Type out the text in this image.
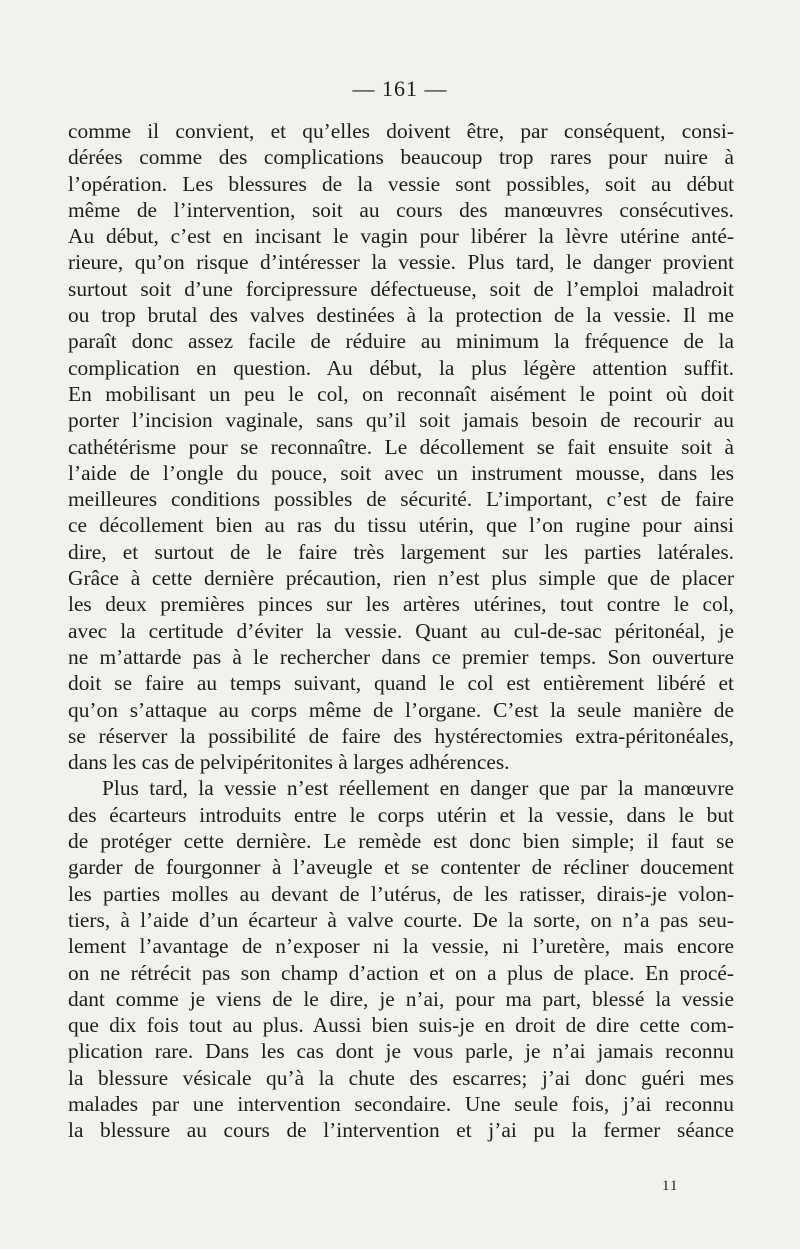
— 161 —
comme il convient, et qu’elles doivent être, par conséquent, consi-
dérées comme des complications beaucoup trop rares pour nuire à
l’opération. Les blessures de la vessie sont possibles, soit au début
même de l’intervention, soit au cours des manœuvres consécutives.
Au début, c’est en incisant le vagin pour libérer la lèvre utérine anté-
rieure, qu’on risque d’intéresser la vessie. Plus tard, le danger provient
surtout soit d’une forcipressure défectueuse, soit de l’emploi maladroit
ou trop brutal des valves destinées à la protection de la vessie. Il me
paraît donc assez facile de réduire au minimum la fréquence de la
complication en question. Au début, la plus légère attention suffit.
En mobilisant un peu le col, on reconnaît aisément le point où doit
porter l’incision vaginale, sans qu’il soit jamais besoin de recourir au
cathétérisme pour se reconnaître. Le décollement se fait ensuite soit à
l’aide de l’ongle du pouce, soit avec un instrument mousse, dans les
meilleures conditions possibles de sécurité. L’important, c’est de faire
ce décollement bien au ras du tissu utérin, que l’on rugine pour ainsi
dire, et surtout de le faire très largement sur les parties latérales.
Grâce à cette dernière précaution, rien n’est plus simple que de placer
les deux premières pinces sur les artères utérines, tout contre le col,
avec la certitude d’éviter la vessie. Quant au cul-de-sac péritonéal, je
ne m’attarde pas à le rechercher dans ce premier temps. Son ouverture
doit se faire au temps suivant, quand le col est entièrement libéré et
qu’on s’attaque au corps même de l’organe. C’est la seule manière de
se réserver la possibilité de faire des hystérectomies extra-péritonéales,
dans les cas de pelvipéritonites à larges adhérences.
Plus tard, la vessie n’est réellement en danger que par la manœuvre
des écarteurs introduits entre le corps utérin et la vessie, dans le but
de protéger cette dernière. Le remède est donc bien simple; il faut se
garder de fourgonner à l’aveugle et se contenter de récliner doucement
les parties molles au devant de l’utérus, de les ratisser, dirais-je volon-
tiers, à l’aide d’un écarteur à valve courte. De la sorte, on n’a pas seu-
lement l’avantage de n’exposer ni la vessie, ni l’uretère, mais encore
on ne rétrécit pas son champ d’action et on a plus de place. En procé-
dant comme je viens de le dire, je n’ai, pour ma part, blessé la vessie
que dix fois tout au plus. Aussi bien suis-je en droit de dire cette com-
plication rare. Dans les cas dont je vous parle, je n’ai jamais reconnu
la blessure vésicale qu’à la chute des escarres; j’ai donc guéri mes
malades par une intervention secondaire. Une seule fois, j’ai reconnu
la blessure au cours de l’intervention et j’ai pu la fermer séance
11
